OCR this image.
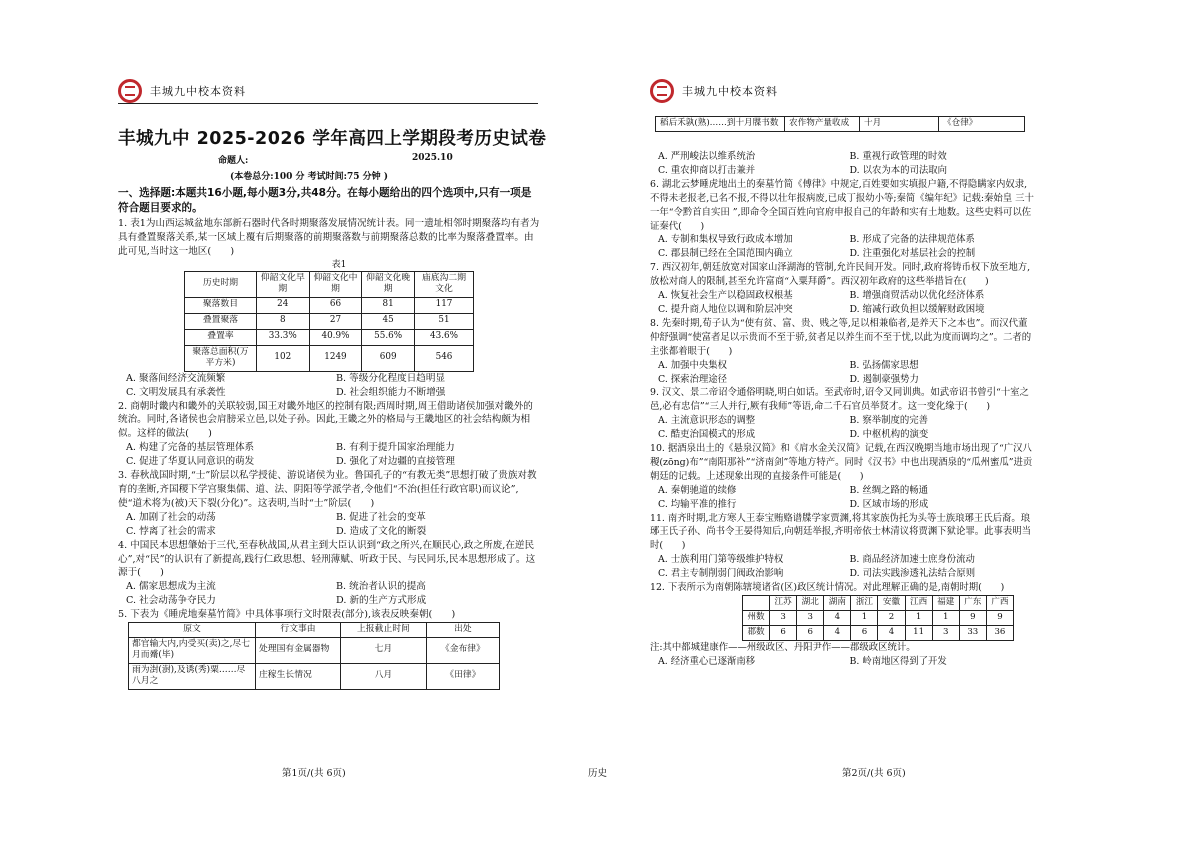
丰城九中校本资料
丰城九中 2025-2026 学年高四上学期段考历史试卷
命题人:	2025.10
(本卷总分:100 分 考试时间:75 分钟 )
一、选择题:本题共16小题,每小题3分,共48分。在每小题给出的四个选项中,只有一项是符合题目要求的。

1. 表1为山西运城盆地东部新石器时代各时期聚落发展情况统计表。同一遗址相邻时期聚落均有者为具有叠置聚落关系,某一区域上覆有后期聚落的前期聚落数与前期聚落总数的比率为聚落叠置率。由此可见,当时这一地区(　　)

表1
历史时期	仰韶文化早期	仰韶文化中期	仰韶文化晚期	庙底沟二期文化
聚落数目	24	66	81	117
叠置聚落	8	27	45	51
叠置率	33.3%	40.9%	55.6%	43.6%
聚落总面积(万平方米)	102	1249	609	546
A. 聚落间经济交流频繁	B. 等级分化程度日趋明显
C. 文明发展具有承袭性	D. 社会组织能力不断增强

2. 商朝时畿内和畿外的关联较弱,国王对畿外地区的控制有限;西周时期,周王借助诸侯加强对畿外的统治。同时,各诸侯也会肩膀采立邑,以处子孙。因此,王畿之外的格局与王畿地区的社会结构颇为相似。这样的做法(　　)

A. 构建了完备的基层管理体系	B. 有利于提升国家治理能力
C. 促进了华夏认同意识的萌发	D. 强化了对边疆的直接管理

3. 春秋战国时期,“士”阶层以私学授徒、游说诸侯为业。鲁国孔子的“有教无类”思想打破了贵族对教育的垄断,齐国稷下学宫聚集儒、道、法、阴阳等学派学者,令他们“不治(担任行政官职)而议论”,使“道术将为(被)天下裂(分化)”。这表明,当时“士”阶层(　　)

A. 加剧了社会的动荡	B. 促进了社会的变革
C. 悖离了社会的需求	D. 造成了文化的断裂

4. 中国民本思想肇始于三代,至春秋战国,从君主到大臣认识到“政之所兴,在顺民心,政之所废,在逆民心”,对“民”的认识有了新提高,践行仁政思想、轻刑薄赋、听政于民、与民同乐,民本思想形成了。这源于(　　)

A. 儒家思想成为主流	B. 统治者认识的提高
C. 社会动荡争夺民力	D. 新的生产方式形成

5. 下表为《睡虎地秦墓竹简》中具体事项行文时限表(部分),该表反映秦朝(　　)

原文	行文事由	上报截止时间	出处
都官输大内,内受买(卖)之,尽七月而觱(毕)	处理国有金属器物	七月	《金布律》
雨为湗(澍),及诱(秀)粟……尽八月之	庄稼生长情况	八月	《田律》
第1页/(共 6页)	历史
丰城九中校本资料
稻后禾孰(熟)……到十月牒书数	农作物产量收成	十月	《仓律》
A. 严刑峻法以维系统治	B. 重视行政管理的时效
C. 重农抑商以打击兼并	D. 以农为本的司法取向

6. 湖北云梦睡虎地出土的秦墓竹简《傅律》中规定,百姓要如实填报户籍,不得隐瞒家内奴隶,不得未老报老,已名不报,不得以壮年报病废,已成丁报幼小等;秦简《编年纪》记载:秦始皇 三十一年“令黔首自实田 ”,即命令全国百姓向官府申报自己的年龄和实有土地数。这些史料可以佐证秦代(　　)

A. 专制和集权导致行政成本增加	B. 形成了完备的法律规范体系
C. 郡县制已经在全国范围内确立	D. 注重强化对基层社会的控制

7. 西汉初年,朝廷放宽对国家山泽湖海的管制,允许民间开发。同时,政府将铸币权下放至地方,放松对商人的限制,甚至允许富商“入粟拜爵”。西汉初年政府的这些举措旨在(　　)

A. 恢复社会生产以稳固政权根基	B. 增强商贸活动以优化经济体系
C. 提升商人地位以调和阶层冲突	D. 缩减行政负担以缓解财政困境

8. 先秦时期,荀子认为“使有贫、富、贵、贱之等,足以相兼临者,是养天下之本也”。而汉代董仲舒强调“使富者足以示贵而不至于骄,贫者足以养生而不至于忧,以此为度而调均之”。二者的主张都着眼于(　　)

A. 加强中央集权	B. 弘扬儒家思想
C. 探索治理途径	D. 遏制豪强势力

9. 汉文、景二帝诏令通俗明晓,明白如话。至武帝时,诏令又同训典。如武帝诏书曾引“十室之邑,必有忠信”“三人并行,厥有我师”等语,命二千石官员举贤才。这一变化缘于(　　)

A. 主流意识形态的调整	B. 察举制度的完善
C. 酷吏治国模式的形成	D. 中枢机构的演变

10. 据酒泉出土的《悬泉汉简》和《肩水金关汉简》记载,在西汉晚期当地市场出现了“广汉八稯(zōng)布”“南阳那补”“济南剑”等地方特产。同时《汉书》中也出现酒泉的“瓜州蜜瓜”进贡朝廷的记载。上述现象出现的直接条件可能是(　　)

A. 秦朝驰道的续修	B. 丝绸之路的畅通
C. 均输平准的推行	D. 区域市场的形成

11. 南齐时期,北方寒人王泰宝贿赂谱牒学家贾渊,将其家族伪托为头等士族琅琊王氏后裔。琅琊王氏子孙、尚书令王晏得知后,向朝廷举报,齐明帝依士林清议将贾渊下狱论罪。此事表明当时(　　)

A. 士族利用门第等级维护特权	B. 商品经济加速士庶身份流动
C. 君主专制削弱门阀政治影响	D. 司法实践渗透礼法结合原则

12. 下表所示为南朝陈辖境诸省(区)政区统计情况。对此理解正确的是,南朝时期(　　)

	江苏	湖北	湖南	浙江	安徽	江西	福建	广东	广西
州数	3	3	4	1	2	1	1	9	9
郡数	6	6	4	6	4	11	3	33	36

注:其中都城建康作——州级政区、丹阳尹作——郡级政区统计。

A. 经济重心已逐渐南移	B. 岭南地区得到了开发
第2页/(共 6页)
